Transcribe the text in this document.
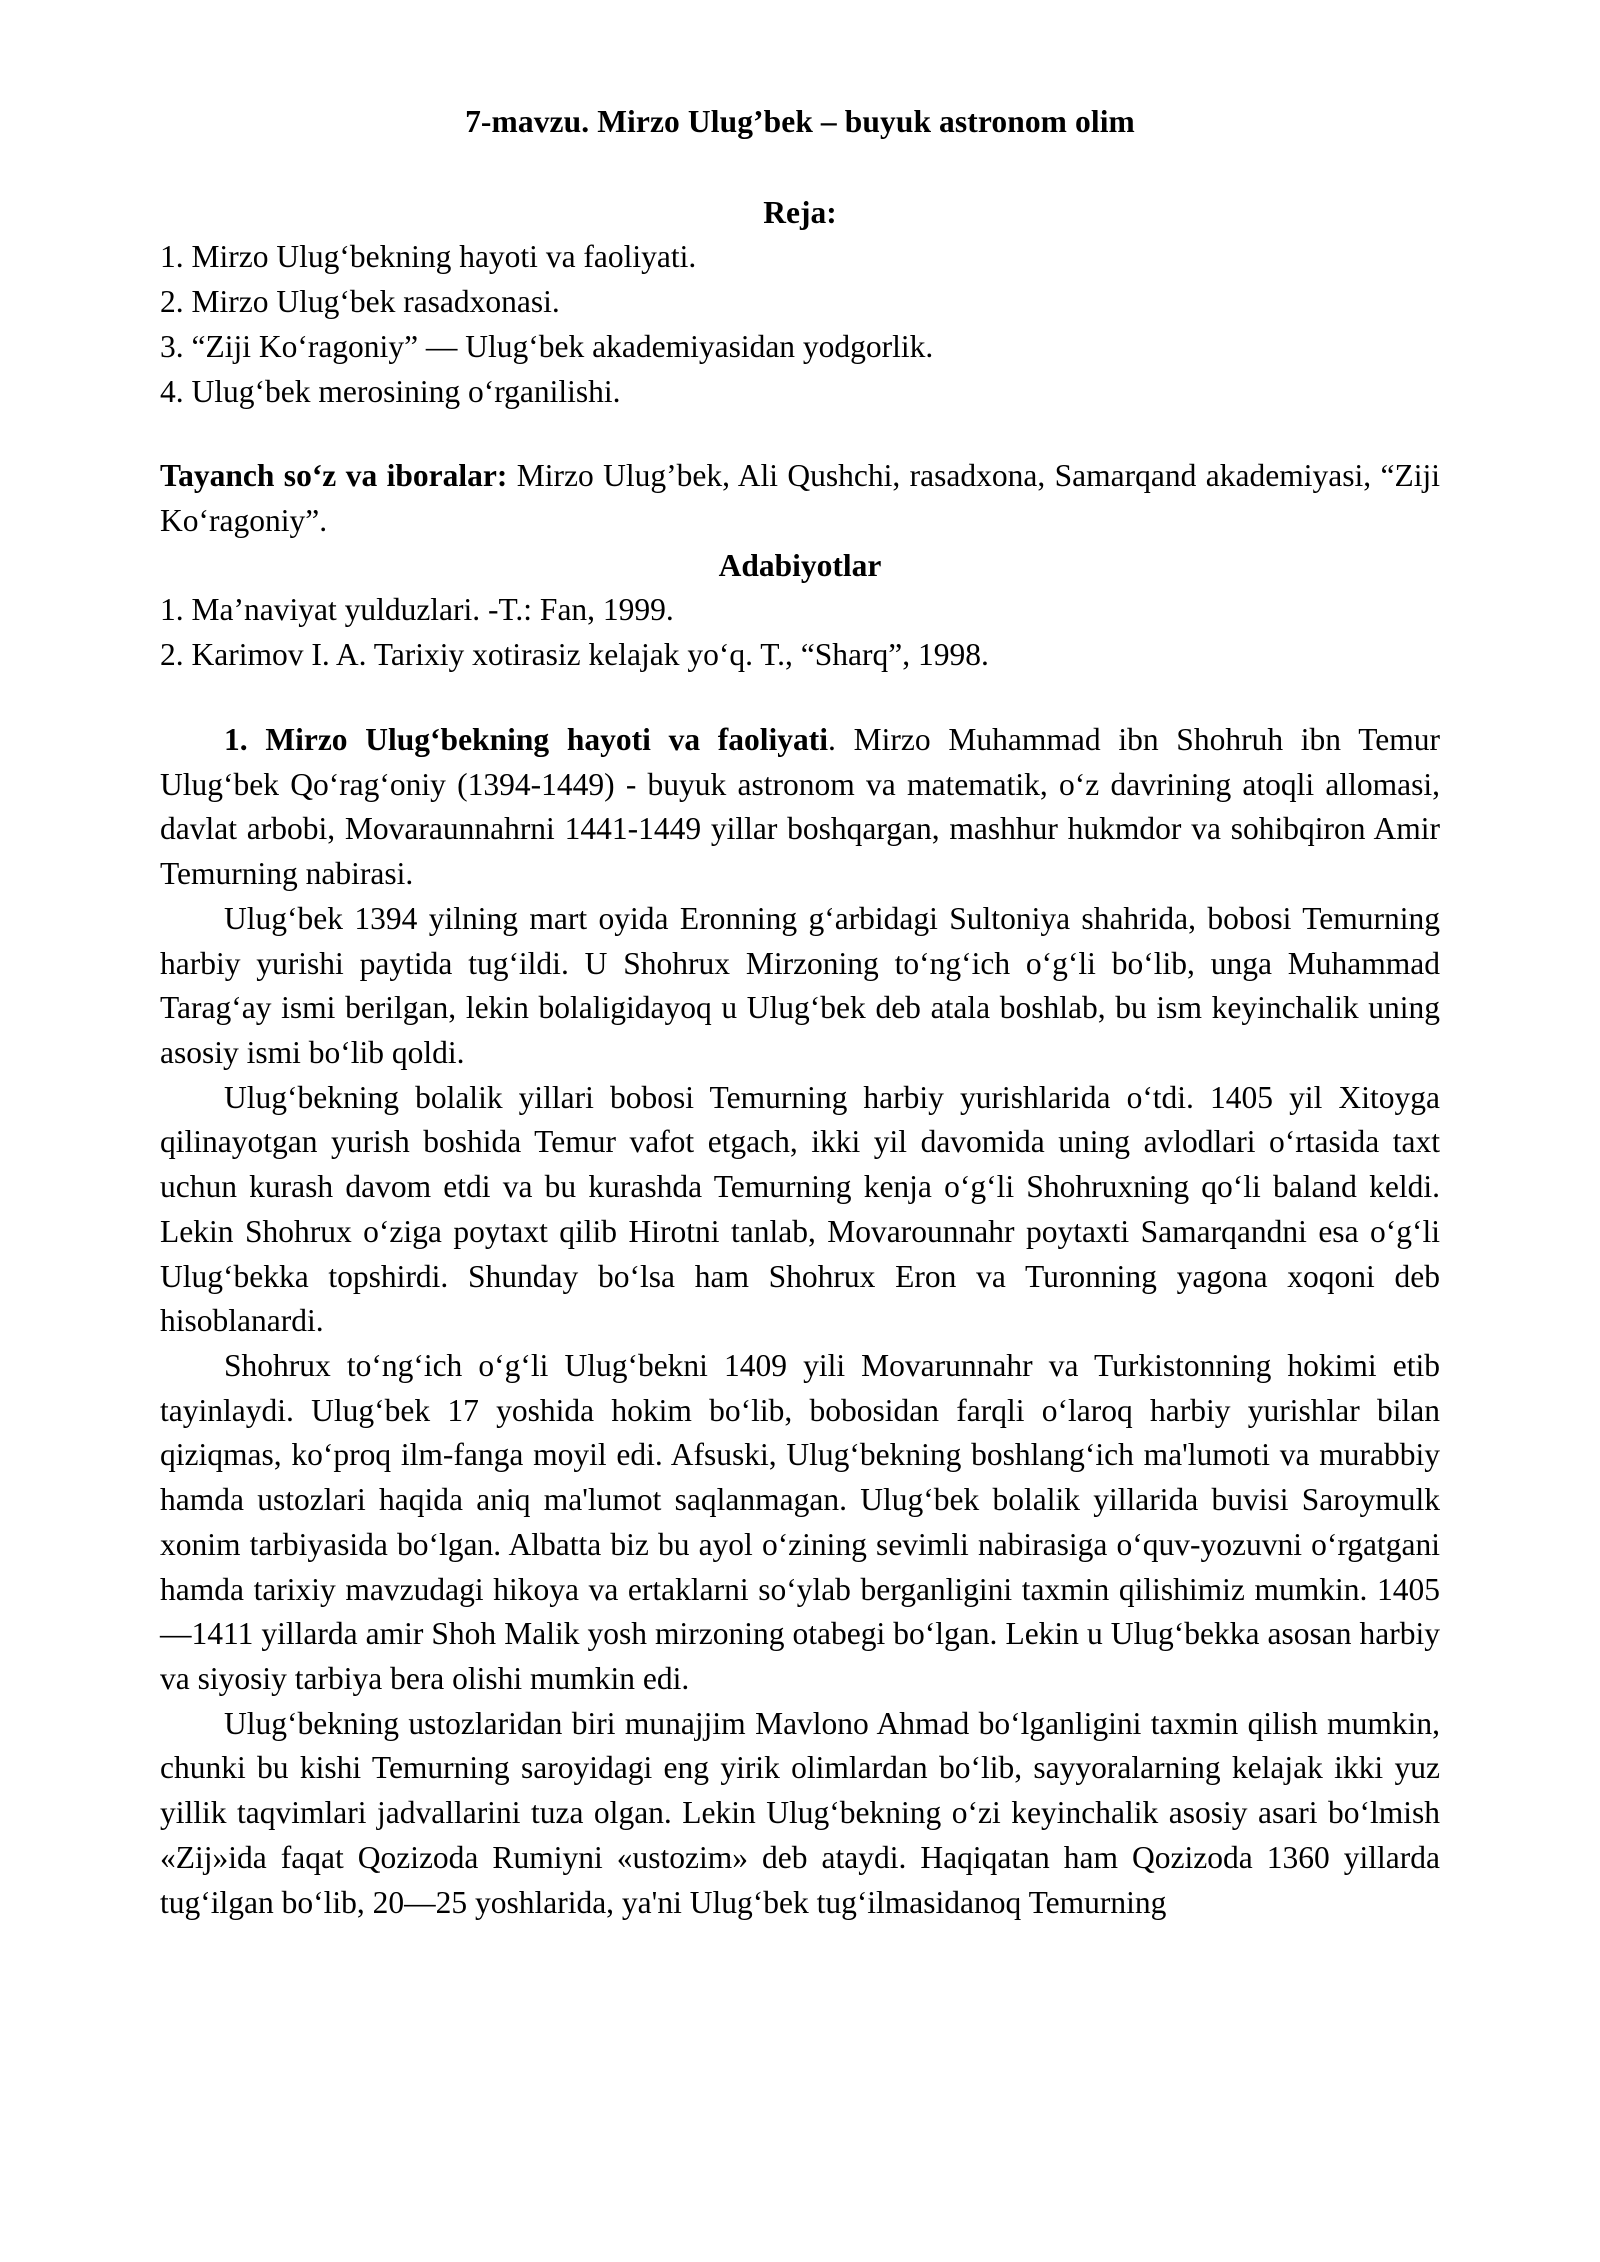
7-mavzu. Mirzo Ulug’bek – buyuk astronom olim
Reja:
1. Mirzo Ulug‘bekning hayoti va faoliyati.
2. Mirzo Ulug‘bek rasadxonasi.
3. “Ziji Ko‘ragoniy” — Ulug‘bek akademiyasidan yodgorlik.
4. Ulug‘bek merosining o‘rganilishi.
Tayanch so‘z va iboralar: Mirzo Ulug’bek, Ali Qushchi, rasadxona, Samarqand akademiyasi, “Ziji Ko‘ragoniy”.
Adabiyotlar
1. Ma’naviyat yulduzlari. -T.: Fan, 1999.
2. Karimov I. A. Tarixiy xotirasiz kelajak yo‘q. T., “Sharq”, 1998.
1. Mirzo Ulug‘bekning hayoti va faoliyati. Mirzo Muhammad ibn Shohruh ibn Temur Ulug‘bek Qo‘rag‘oniy (1394-1449) - buyuk astronom va matematik, o‘z davrining atoqli allomasi, davlat arbobi, Movaraunnahrni 1441-1449 yillar boshqargan, mashhur hukmdor va sohibqiron Amir Temurning nabirasi.
Ulug‘bek 1394 yilning mart oyida Eronning g‘arbidagi Sultoniya shahrida, bobosi Temurning harbiy yurishi paytida tug‘ildi. U Shohrux Mirzoning to‘ng‘ich o‘g‘li bo‘lib, unga Muhammad Tarag‘ay ismi berilgan, lekin bolaligidayoq u Ulug‘bek deb atala boshlab, bu ism keyinchalik uning asosiy ismi bo‘lib qoldi.
Ulug‘bekning bolalik yillari bobosi Temurning harbiy yurishlarida o‘tdi. 1405 yil Xitoyga qilinayotgan yurish boshida Temur vafot etgach, ikki yil davomida uning avlodlari o‘rtasida taxt uchun kurash davom etdi va bu kurashda Temurning kenja o‘g‘li Shohruxning qo‘li baland keldi. Lekin Shohrux o‘ziga poytaxt qilib Hirotni tanlab, Movarounnahr poytaxti Samarqandni esa o‘g‘li Ulug‘bekka topshirdi. Shunday bo‘lsa ham Shohrux Eron va Turonning yagona xoqoni deb hisoblanardi.
Shohrux to‘ng‘ich o‘g‘li Ulug‘bekni 1409 yili Movarunnahr va Turkistonning hokimi etib tayinlaydi. Ulug‘bek 17 yoshida hokim bo‘lib, bobosidan farqli o‘laroq harbiy yurishlar bilan qiziqmas, ko‘proq ilm-fanga moyil edi. Afsuski, Ulug‘bekning boshlang‘ich ma'lumoti va murabbiy hamda ustozlari haqida aniq ma'lumot saqlanmagan. Ulug‘bek bolalik yillarida buvisi Saroymulk xonim tarbiyasida bo‘lgan. Albatta biz bu ayol o‘zining sevimli nabirasiga o‘quv-yozuvni o‘rgatgani hamda tarixiy mavzudagi hikoya va ertaklarni so‘ylab berganligini taxmin qilishimiz mumkin. 1405—1411 yillarda amir Shoh Malik yosh mirzoning otabegi bo‘lgan. Lekin u Ulug‘bekka asosan harbiy va siyosiy tarbiya bera olishi mumkin edi.
Ulug‘bekning ustozlaridan biri munajjim Mavlono Ahmad bo‘lganligini taxmin qilish mumkin, chunki bu kishi Temurning saroyidagi eng yirik olimlardan bo‘lib, sayyoralarning kelajak ikki yuz yillik taqvimlari jadvallarini tuza olgan. Lekin Ulug‘bekning o‘zi keyinchalik asosiy asari bo‘lmish «Zij»ida faqat Qozizoda Rumiyni «ustozim» deb ataydi. Haqiqatan ham Qozizoda 1360 yillarda tug‘ilgan bo‘lib, 20—25 yoshlarida, ya'ni Ulug‘bek tug‘ilmasidanoq Temurning
